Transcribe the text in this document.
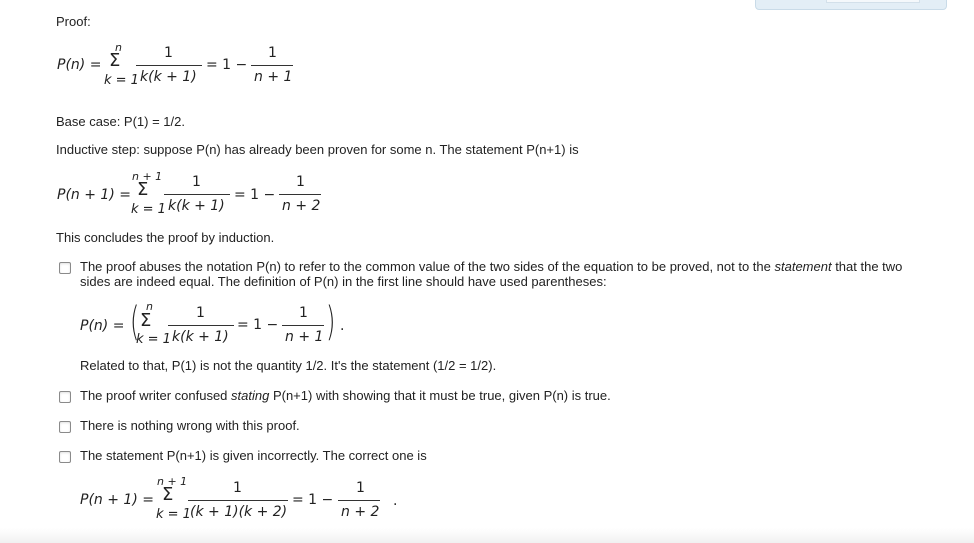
Proof:
P(n) =
n
Σ
k = 1
1
k(k + 1)
= 1 −
1
n + 1
Base case: P(1) = 1/2.
Inductive step: suppose P(n) has already been proven for some n. The statement P(n+1) is
P(n + 1) =
n + 1
Σ
k = 1
1
k(k + 1)
= 1 −
1
n + 2
This concludes the proof by induction.
The proof abuses the notation P(n) to refer to the common value of the two sides of the equation to be proved, not to the statement that the two
sides are indeed equal. The definition of P(n) in the first line should have used parentheses:
P(n) = ( n
Σ
k = 1
1
k(k + 1)
= 1 −
1
n + 1 ) .
Related to that, P(1) is not the quantity 1/2. It's the statement (1/2 = 1/2).
The proof writer confused stating P(n+1) with showing that it must be true, given P(n) is true.
There is nothing wrong with this proof.
The statement P(n+1) is given incorrectly. The correct one is
P(n + 1) =
n + 1
Σ
k = 1
1
(k + 1)(k + 2)
= 1 −
1
n + 2
.
